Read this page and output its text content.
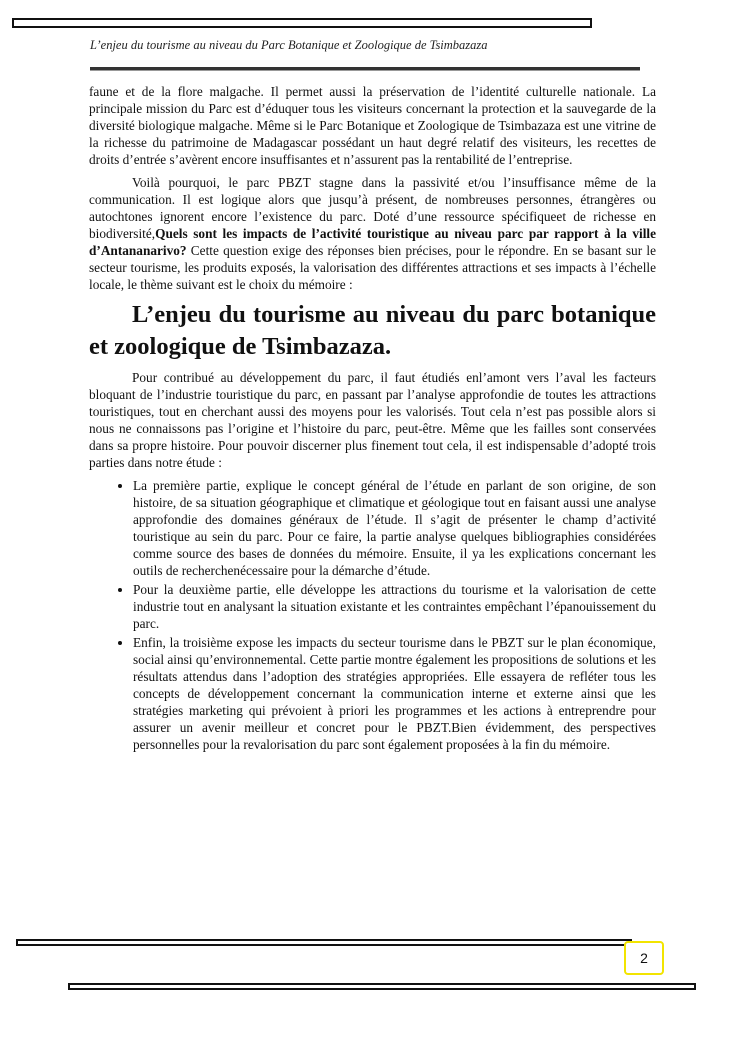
L’enjeu du tourisme au niveau du Parc Botanique et Zoologique de Tsimbazaza

faune et de la flore malgache. Il permet aussi la préservation de l’identité culturelle nationale. La principale mission du Parc est d’éduquer tous les visiteurs concernant la protection et la sauvegarde de la diversité biologique malgache. Même si le Parc Botanique et Zoologique de Tsimbazaza est une vitrine de la richesse du patrimoine de Madagascar possédant un haut degré relatif des visiteurs, les recettes de droits d’entrée s’avèrent encore insuffisantes et n’assurent pas la rentabilité de l’entreprise.

Voilà pourquoi, le parc PBZT stagne dans la passivité et/ou l’insuffisance même de la communication. Il est logique alors que jusqu’à présent, de nombreuses personnes, étrangères ou autochtones ignorent encore l’existence du parc. Doté d’une ressource spécifiqueet de richesse en biodiversité,Quels sont les impacts de l’activité touristique au niveau parc par rapport à la ville d’Antananarivo? Cette question exige des réponses bien précises, pour le répondre. En se basant sur le secteur tourisme, les produits exposés, la valorisation des différentes attractions et ses impacts à l’échelle locale, le thème suivant est le choix du mémoire :

L’enjeu du tourisme au niveau du parc botanique et zoologique de Tsimbazaza.

Pour contribué au développement du parc, il faut étudiés enl’amont vers l’aval les facteurs bloquant de l’industrie touristique du parc, en passant par l’analyse approfondie de toutes les attractions touristiques, tout en cherchant aussi des moyens pour les valorisés. Tout cela n’est pas possible alors si nous ne connaissons pas l’origine et l’histoire du parc, peut-être. Même que les failles sont conservées dans sa propre histoire. Pour pouvoir discerner plus finement tout cela, il est indispensable d’adopté trois parties dans notre étude :

• La première partie, explique le concept général de l’étude en parlant de son origine, de son histoire, de sa situation géographique et climatique et géologique tout en faisant aussi une analyse approfondie des domaines généraux de l’étude. Il s’agit de présenter le champ d’activité touristique au sein du parc. Pour ce faire, la partie analyse quelques bibliographies considérées comme source des bases de données du mémoire. Ensuite, il ya les explications concernant les outils de recherchenécessaire pour la démarche d’étude.
• Pour la deuxième partie, elle développe les attractions du tourisme et la valorisation de cette industrie tout en analysant la situation existante et les contraintes empêchant l’épanouissement du parc.
• Enfin, la troisième expose les impacts du secteur tourisme dans le PBZT sur le plan économique, social ainsi qu’environnemental. Cette partie montre également les propositions de solutions et les résultats attendus dans l’adoption des stratégies appropriées. Elle essayera de refléter tous les concepts de développement concernant la communication interne et externe ainsi que les stratégies marketing qui prévoient à priori les programmes et les actions à entreprendre pour assurer un avenir meilleur et concret pour le PBZT.Bien évidemment, des perspectives personnelles pour la revalorisation du parc sont également proposées à la fin du mémoire.
2
